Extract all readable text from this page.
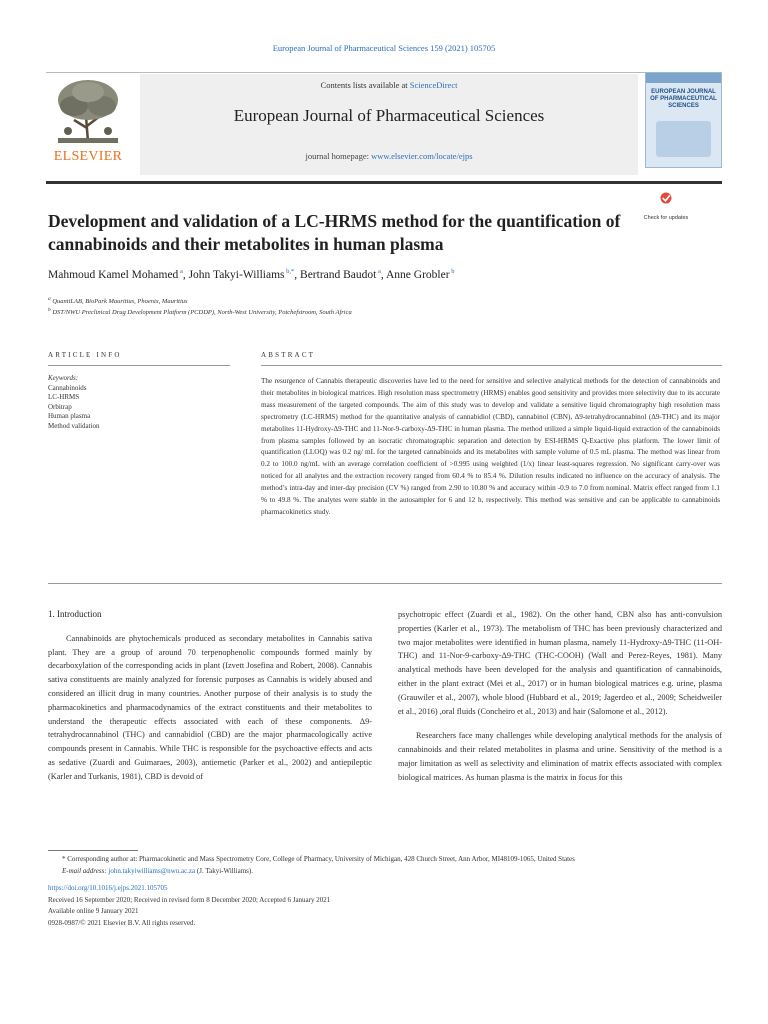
European Journal of Pharmaceutical Sciences 159 (2021) 105705
ELSEVIER
Contents lists available at ScienceDirect
European Journal of Pharmaceutical Sciences
journal homepage: www.elsevier.com/locate/ejps
EUROPEAN JOURNAL OF PHARMACEUTICAL SCIENCES
Development and validation of a LC-HRMS method for the quantification of cannabinoids and their metabolites in human plasma
Check for updates
Mahmoud Kamel Mohamed $^a$, John Takyi-Williams $^{b,*}$, Bertrand Baudot $^a$, Anne Grobler $^b$
$^a$ QuantiLAB, BioPark Mauritius, Phoenix, Mauritius
$^b$ DST/NWU Preclinical Drug Development Platform (PCDDP), North-West University, Potchefstroom, South Africa
ARTICLE INFO	ABSTRACT
Keywords:
Cannabinoids
LC-HRMS
Orbitrap
Human plasma
Method validation
The resurgence of Cannabis therapeutic discoveries have led to the need for sensitive and selective analytical methods for the detection of cannabinoids and their metabolites in biological matrices. High resolution mass spectrometry (HRMS) enables good sensitivity and provides more selectivity due to its accurate mass measurement of the targeted compounds. The aim of this study was to develop and validate a sensitive liquid chromatography high resolution mass spectrometry (LC-HRMS) method for the quantitative analysis of cannabidiol (CBD), cannabinol (CBN), Δ9-tetrahydrocannabinol (Δ9-THC) and its major metabolites 11-Hydroxy-Δ9-THC and 11-Nor-9-carboxy-Δ9-THC in human plasma. The method utilized a simple liquid-liquid extraction of the cannabinoids from plasma samples followed by an isocratic chromatographic separation and detection by ESI-HRMS Q-Exactive plus platform. The lower limit of quantification (LLOQ) was 0.2 ng/ mL for the targeted cannabinoids and its metabolites with sample volume of 0.5 mL plasma. The method was linear from 0.2 to 100.0 ng/mL with an average correlation coefficient of >0.995 using weighted (1/x) linear least-squares regression. No significant carry-over was noticed for all analytes and the extraction recovery ranged from 60.4 % to 85.4 %. Dilution results indicated no influence on the accuracy of analysis. The method’s intra-day and inter-day precision (CV %) ranged from 2.90 to 10.80 % and accuracy within -0.9 to 7.0 from nominal. Matrix effect ranged from 1.1 % to 49.8 %. The analytes were stable in the autosampler for 6 and 12 h, respectively. This method was sensitive and can be applicable to cannabinoids pharmacokinetics study.

1. Introduction

Cannabinoids are phytochemicals produced as secondary metabolites in Cannabis sativa plant. They are a group of around 70 terpenophenolic compounds formed mainly by decarboxylation of the corresponding acids in plant (Izvett Josefina and Robert, 2008). Cannabis sativa constituents are mainly analyzed for forensic purposes as Cannabis is widely abused and considered an illicit drug in many countries. Another purpose of their analysis is to study the pharmacokinetics and pharmacodynamics of the extract constituents and their metabolites to understand the therapeutic effects associated with each of these components. Δ9-tetrahydrocannabinol (THC) and cannabidiol (CBD) are the major pharmacologically active compounds present in Cannabis. While THC is responsible for the psychoactive effects and acts as sedative (Zuardi and Guimaraes, 2003), antiemetic (Parker et al., 2002) and antiepileptic (Karler and Turkanis, 1981), CBD is devoid of

psychotropic effect (Zuardi et al., 1982). On the other hand, CBN also has anti-convulsion properties (Karler et al., 1973). The metabolism of THC has been previously characterized and two major metabolites were identified in human plasma, namely 11-Hydroxy-Δ9-THC (11-OH-THC) and 11-Nor-9-carboxy-Δ9-THC (THC-COOH) (Wall and Perez-Reyes, 1981). Many analytical methods have been developed for the analysis and quantification of cannabinoids, either in the plant extract (Mei et al., 2017) or in human biological matrices e.g. urine, plasma (Grauwiler et al., 2007), whole blood (Hubbard et al., 2019; Jagerdeo et al., 2009; Scheidweiler et al., 2016) ,oral fluids (Concheiro et al., 2013) and hair (Salomone et al., 2012).

Researchers face many challenges while developing analytical methods for the analysis of cannabinoids and their related metabolites in plasma and urine. Sensitivity of the method is a major limitation as well as selectivity and elimination of matrix effects associated with complex biological matrices. As human plasma is the matrix in focus for this

* Corresponding author at: Pharmacokinetic and Mass Spectrometry Core, College of Pharmacy, University of Michigan, 428 Church Street, Ann Arbor, MI48109-1065, United States
E-mail address: john.takyiwilliams@nwu.ac.za (J. Takyi-Williams).
https://doi.org/10.1016/j.ejps.2021.105705
Received 16 September 2020; Received in revised form 8 December 2020; Accepted 6 January 2021
Available online 9 January 2021
0928-0987/© 2021 Elsevier B.V. All rights reserved.
